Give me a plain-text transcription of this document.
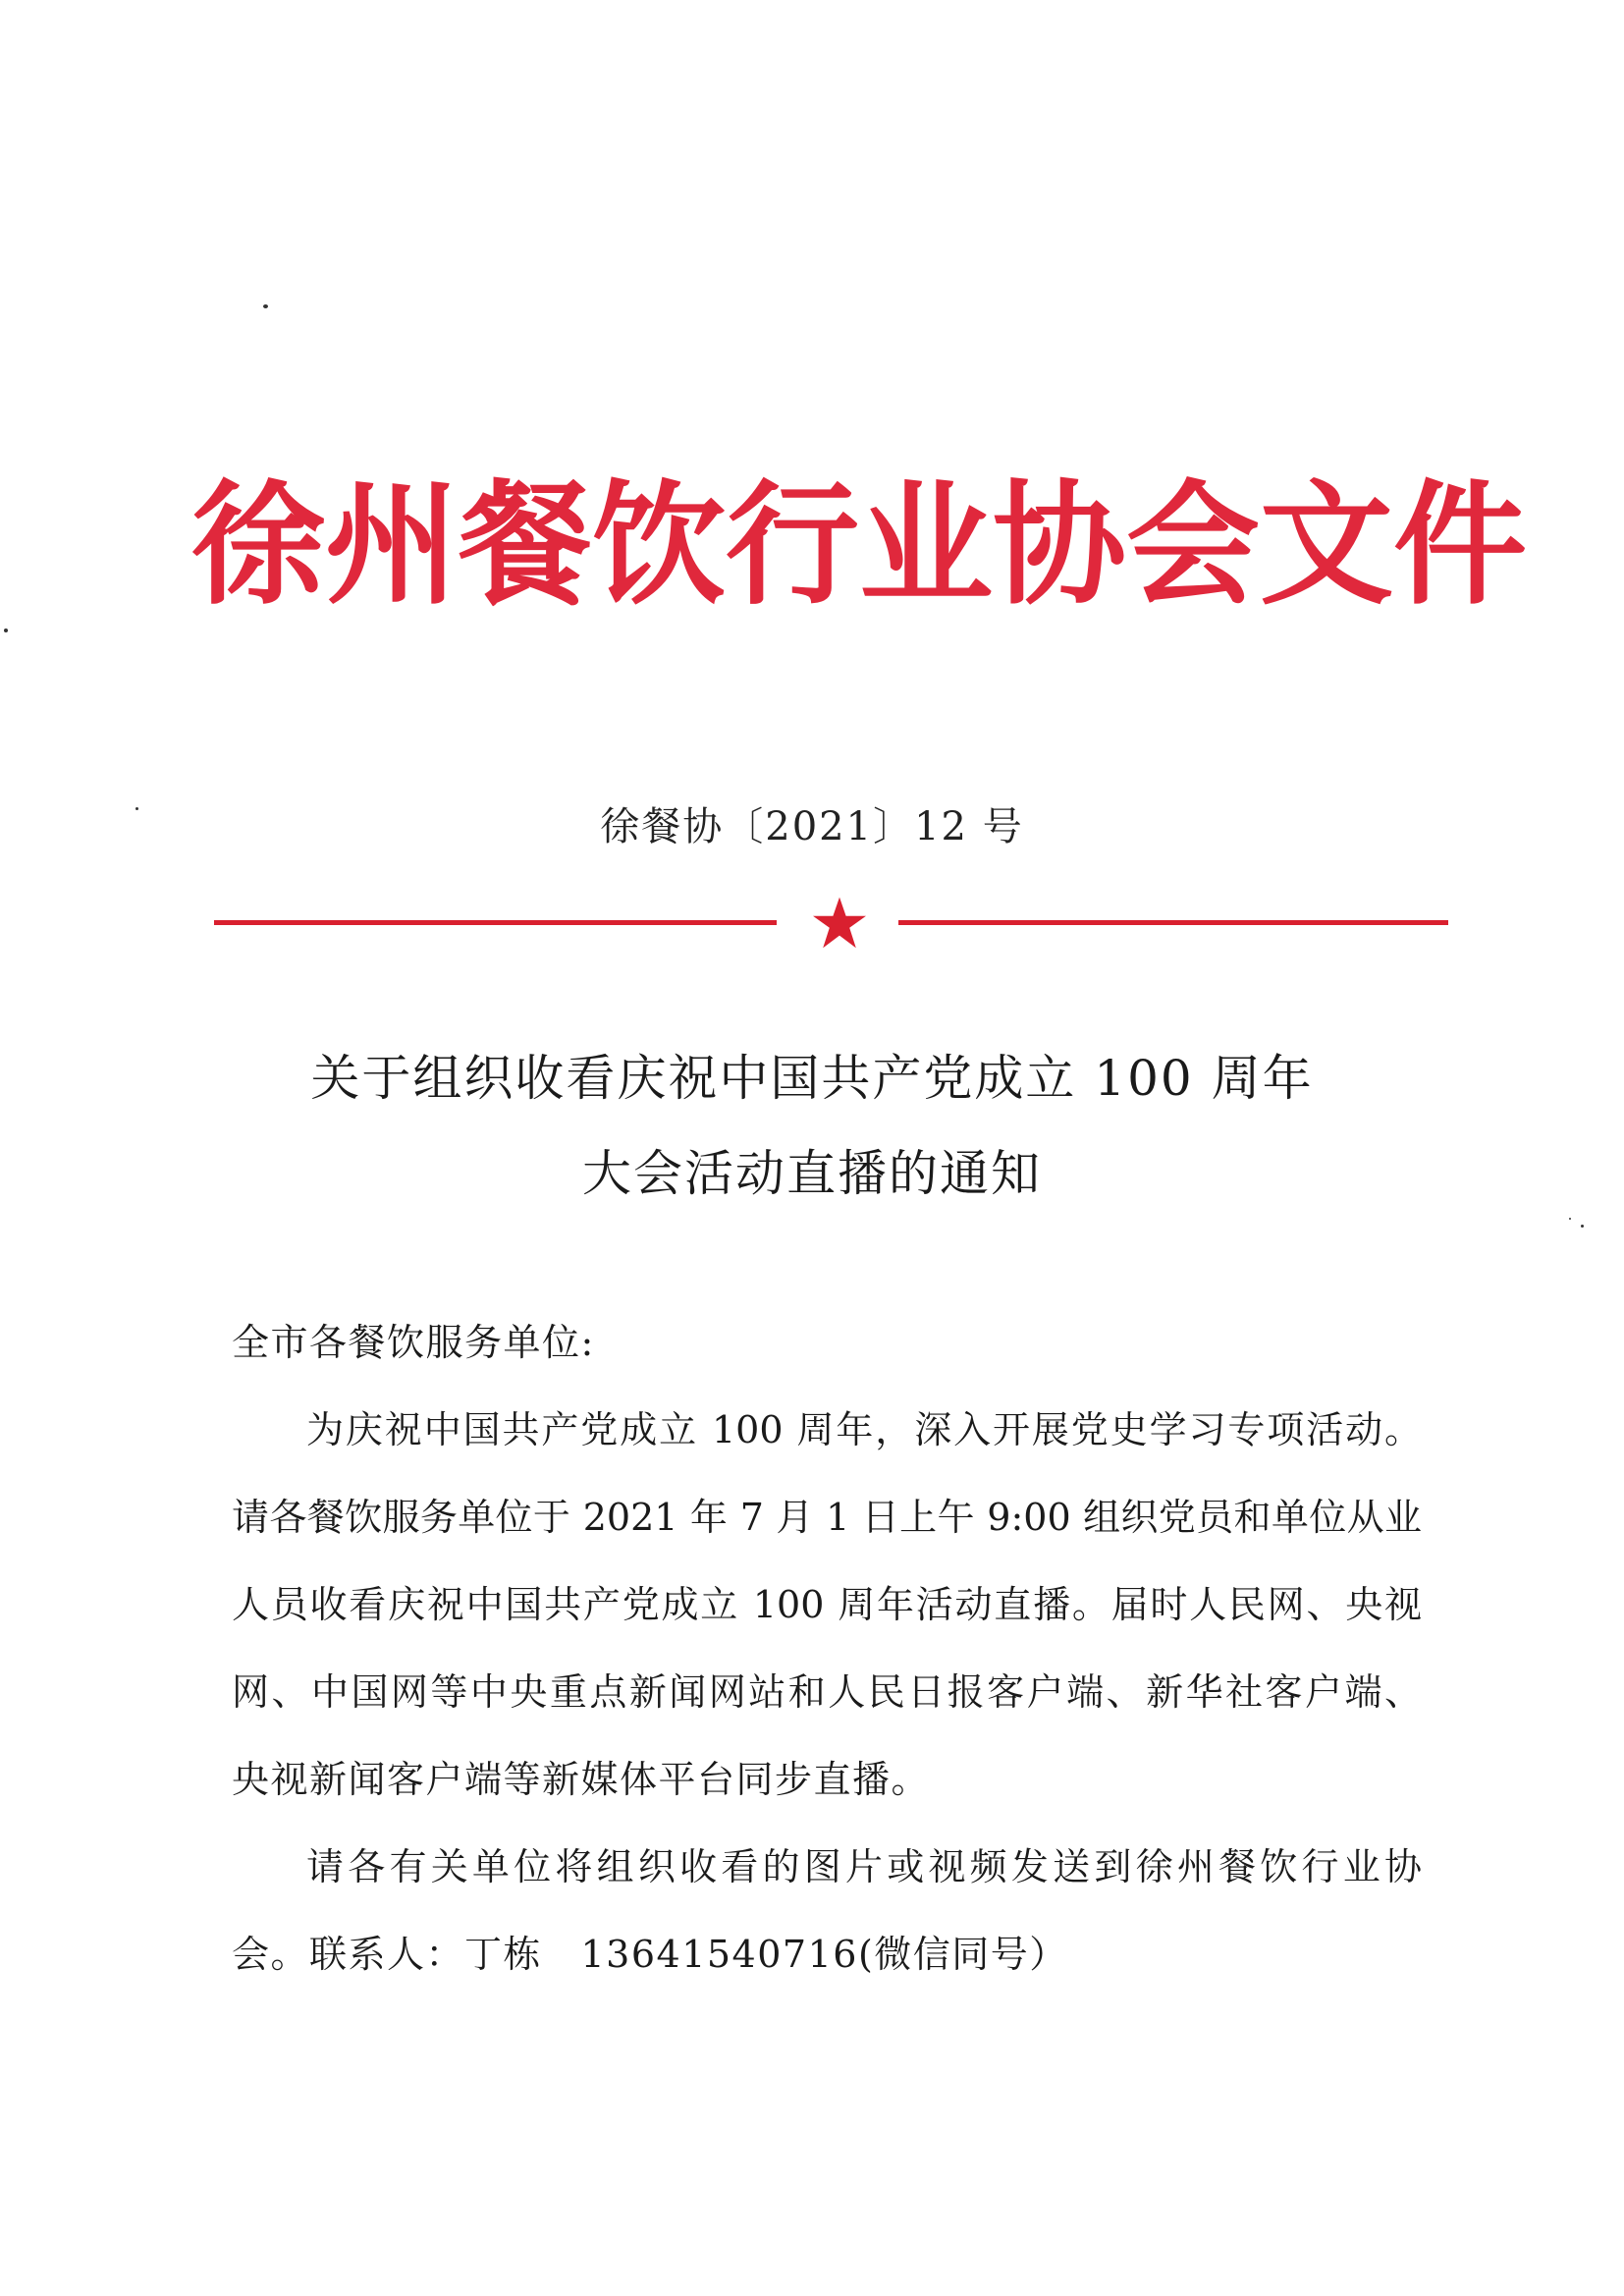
徐 州 餐 饮 行 业 协 会 文 件
徐餐协〔2021〕12 号
关于组织收看庆祝中国共产党成立 100 周年
大会活动直播的通知
全市各餐饮服务单位:
为庆祝中国共产党成立 100 周年，深入开展党史学习专项活动。
请各餐饮服务单位于 2021 年 7 月 1 日上午 9:00 组织党员和单位从业
人员收看庆祝中国共产党成立 100 周年活动直播。届时人民网、央视
网、中国网等中央重点新闻网站和人民日报客户端、新华社客户端、
央视新闻客户端等新媒体平台同步直播。
请各有关单位将组织收看的图片或视频发送到徐州餐饮行业协
会。联系人：丁栋　13641540716(微信同号）
